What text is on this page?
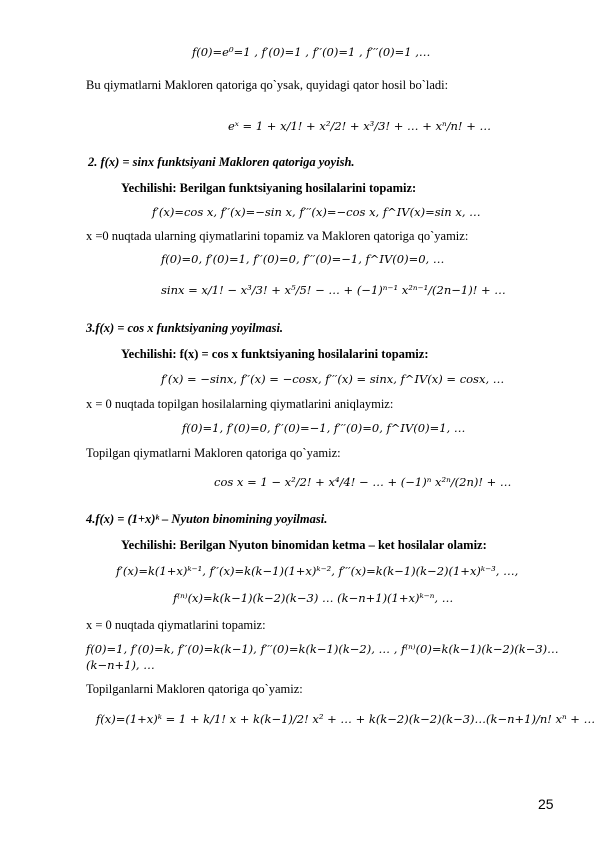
f(0)=e⁰=1 , f′(0)=1 , f′′(0)=1 , f′′′(0)=1 ,…
Bu qiymatlarni Makloren qatoriga qo`ysak, quyidagi qator hosil bo`ladi:
eˣ = 1 + x/1! + x²/2! + x³/3! + … + xⁿ/n! + …
2. f(x) = sinx funktsiyani Makloren qatoriga yoyish.
Yechilishi: Berilgan funktsiyaning hosilalarini topamiz:
f′(x)=cos x, f′′(x)=−sin x, f′′′(x)=−cos x, f^IV(x)=sin x, …
x =0 nuqtada ularning qiymatlarini topamiz va Makloren qatoriga qo`yamiz:
f(0)=0, f′(0)=1, f′′(0)=0, f′′′(0)=−1, f^IV(0)=0, …
sinx = x/1! − x³/3! + x⁵/5! − … + (−1)ⁿ⁻¹ x²ⁿ⁻¹/(2n−1)! + …
3.f(x) = cos x funktsiyaning yoyilmasi.
Yechilishi: f(x) = cos x funktsiyaning hosilalarini topamiz:
f′(x) = −sinx, f′′(x) = −cosx, f′′′(x) = sinx, f^IV(x) = cosx, …
x = 0 nuqtada topilgan hosilalarning qiymatlarini aniqlaymiz:
f(0)=1, f′(0)=0, f′′(0)=−1, f′′′(0)=0, f^IV(0)=1, …
Topilgan qiymatlarni Makloren qatoriga qo`yamiz:
cos x = 1 − x²/2! + x⁴/4! − … + (−1)ⁿ x²ⁿ/(2n)! + …
4.f(x) = (1+x)ᵏ – Nyuton binomining yoyilmasi.
Yechilishi: Berilgan Nyuton binomidan ketma – ket hosilalar olamiz:
f′(x)=k(1+x)ᵏ⁻¹, f′′(x)=k(k−1)(1+x)ᵏ⁻², f′′′(x)=k(k−1)(k−2)(1+x)ᵏ⁻³, …,
f⁽ⁿ⁾(x)=k(k−1)(k−2)(k−3) … (k−n+1)(1+x)ᵏ⁻ⁿ, …
x = 0 nuqtada qiymatlarini topamiz:
f(0)=1, f′(0)=k, f′′(0)=k(k−1), f′′′(0)=k(k−1)(k−2), … , f⁽ⁿ⁾(0)=k(k−1)(k−2)(k−3)…
(k−n+1), …
Topilganlarni Makloren qatoriga qo`yamiz:
f(x)=(1+x)ᵏ = 1 + k/1! x + k(k−1)/2! x² + … + k(k−2)(k−2)(k−3)…(k−n+1)/n! xⁿ + …
25
